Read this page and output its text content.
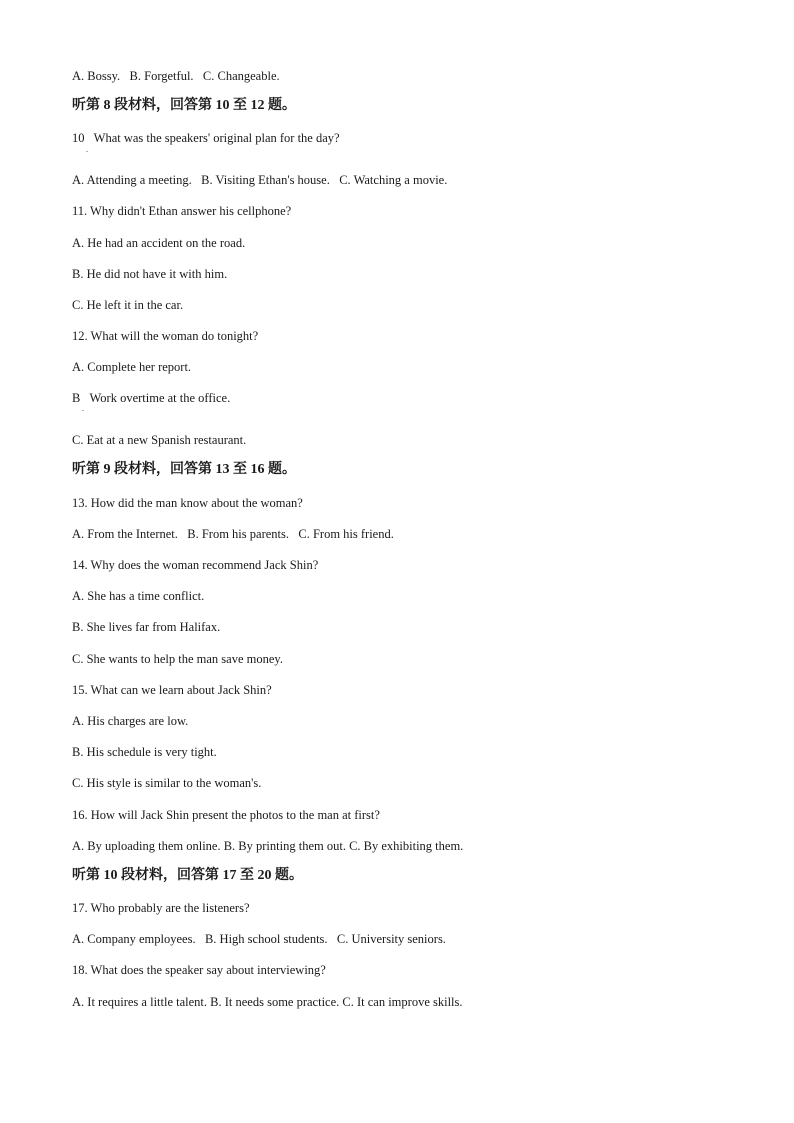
A. Bossy.   B. Forgetful.   C. Changeable.
听第 8 段材料，回答第 10 至 12 题。
10   What was the speakers' original plan for the day?
.
A. Attending a meeting.   B. Visiting Ethan's house.   C. Watching a movie.
11. Why didn't Ethan answer his cellphone?
A. He had an accident on the road.
B. He did not have it with him.
C. He left it in the car.
12. What will the woman do tonight?
A. Complete her report.
B   Work overtime at the office.
.
C. Eat at a new Spanish restaurant.
听第 9 段材料，回答第 13 至 16 题。
13. How did the man know about the woman?
A. From the Internet.   B. From his parents.   C. From his friend.
14. Why does the woman recommend Jack Shin?
A. She has a time conflict.
B. She lives far from Halifax.
C. She wants to help the man save money.
15. What can we learn about Jack Shin?
A. His charges are low.
B. His schedule is very tight.
C. His style is similar to the woman's.
16. How will Jack Shin present the photos to the man at first?
A. By uploading them online. B. By printing them out. C. By exhibiting them.
听第 10 段材料，回答第 17 至 20 题。
17. Who probably are the listeners?
A. Company employees.   B. High school students.   C. University seniors.
18. What does the speaker say about interviewing?
A. It requires a little talent. B. It needs some practice. C. It can improve skills.
